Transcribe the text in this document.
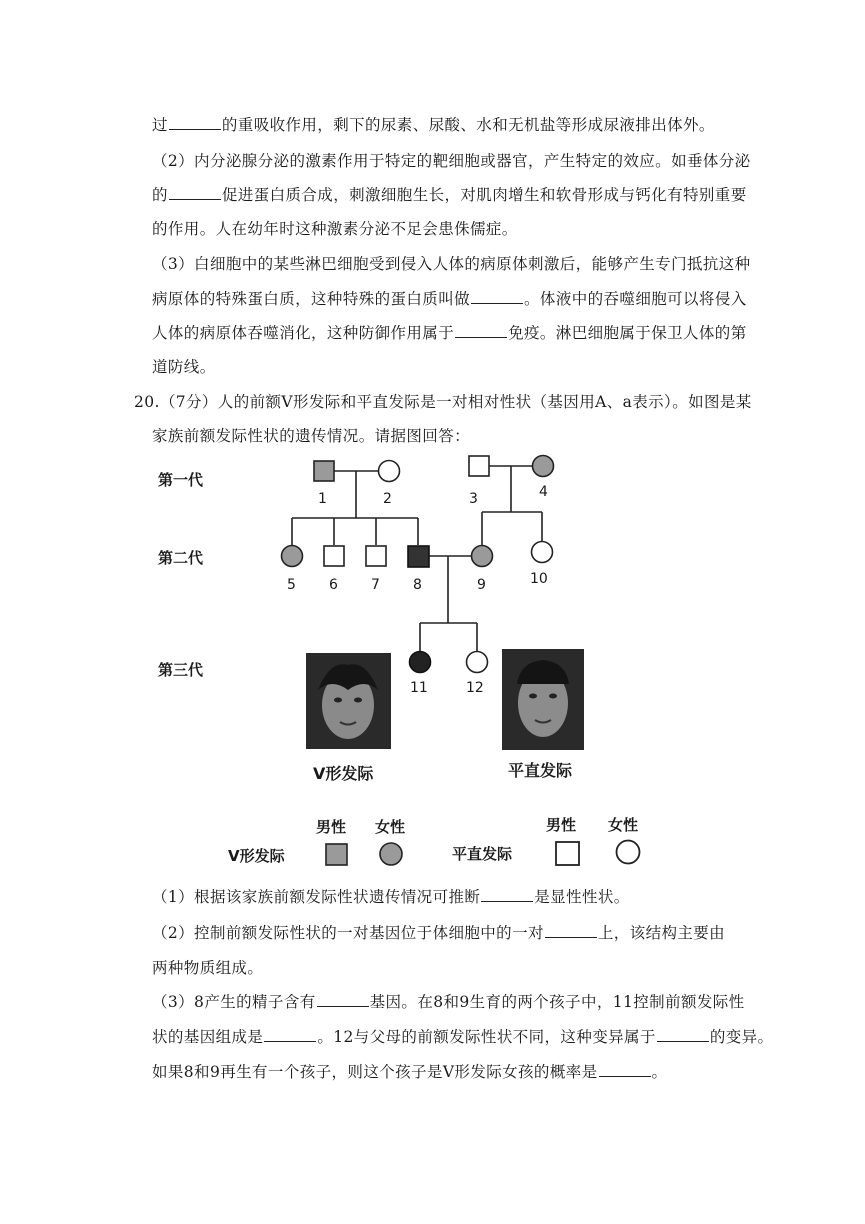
过	的重吸收作用，剩下的尿素、尿酸、水和无机盐等形成尿液排出体外。
（2）内分泌腺分泌的激素作用于特定的靶细胞或器官，产生特定的效应。如垂体分泌
的	促进蛋白质合成，刺激细胞生长，对肌肉增生和软骨形成与钙化有特别重要
的作用。人在幼年时这种激素分泌不足会患侏儒症。
（3）白细胞中的某些淋巴细胞受到侵入人体的病原体刺激后，能够产生专门抵抗这种
病原体的特殊蛋白质，这种特殊的蛋白质叫做	。体液中的吞噬细胞可以将侵入
人体的病原体吞噬消化，这种防御作用属于	免疫。淋巴细胞属于保卫人体的第
道防线。
20.（7分）人的前额V形发际和平直发际是一对相对性状（基因用A、a表示）。如图是某
家族前额发际性状的遗传情况。请据图回答：
第一代
第二代
第三代
1	2	3	4
5 6 7 8	9	10
11	12
V形发际	平直发际
男性 女性	男性 女性
V形发际	平直发际
（1）根据该家族前额发际性状遗传情况可推断	是显性性状。
（2）控制前额发际性状的一对基因位于体细胞中的一对	上，该结构主要由
两种物质组成。
（3）8产生的精子含有	基因。在8和9生育的两个孩子中，11控制前额发际性
状的基因组成是	。12与父母的前额发际性状不同，这种变异属于	的变异。
如果8和9再生有一个孩子，则这个孩子是V形发际女孩的概率是	。
